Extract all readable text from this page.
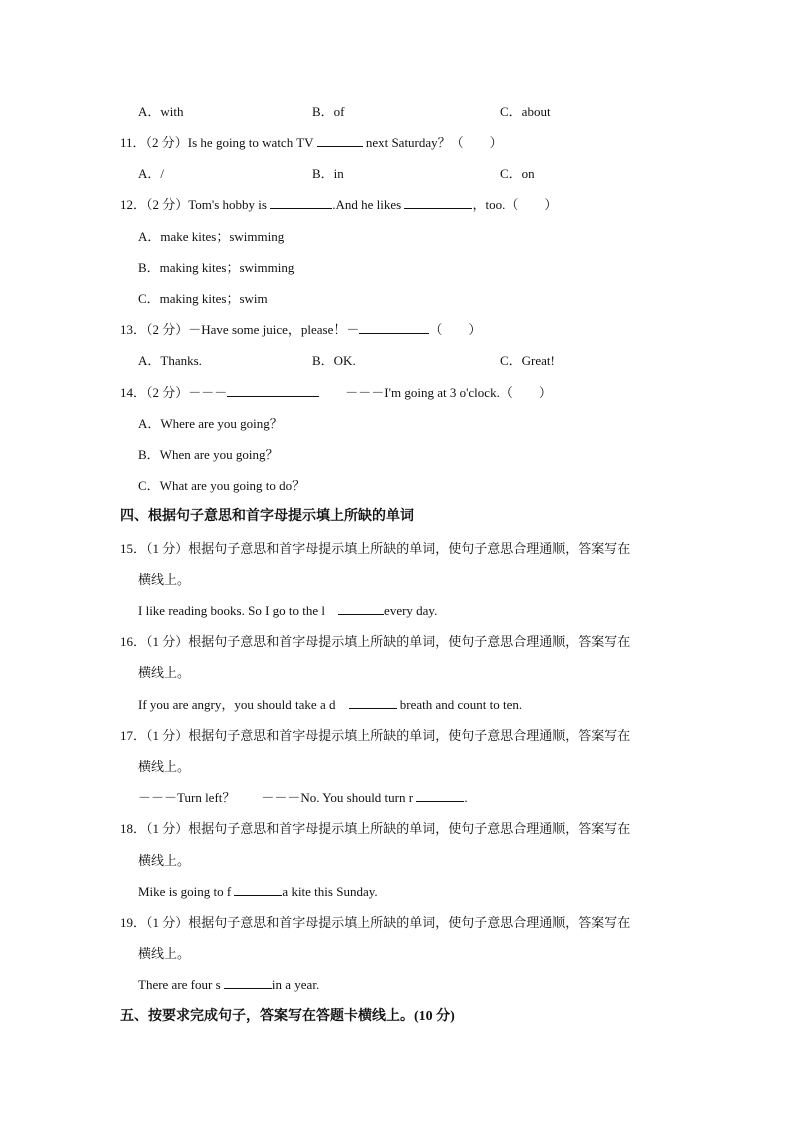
A．with	B．of	C．about
11．（2 分）Is he going to watch TV	next Saturday？（　　）
A．/	B．in	C．on
12．（2 分）Tom's hobby is	.And he likes	，too.（　　）
A．make kites；swimming
B．making kites；swimming
C．making kites；swim
13．（2 分）－Have some juice，please！－	（　　）
A．Thanks.	B．OK.	C．Great!
14．（2 分）－－－　　	－－－I'm going at 3 o'clock.（　　）
A．Where are you going？
B．When are you going？
C．What are you going to do？
四、根据句子意思和首字母提示填上所缺的单词
15．（1 分）根据句子意思和首字母提示填上所缺的单词，使句子意思合理通顺，答案写在
横线上。
I like reading books. So I go to the l　	every day.
16．（1 分）根据句子意思和首字母提示填上所缺的单词，使句子意思合理通顺，答案写在
横线上。
If you are angry，you should take a d　	breath and count to ten.
17．（1 分）根据句子意思和首字母提示填上所缺的单词，使句子意思合理通顺，答案写在
横线上。
－－－Turn left？　　－－－No. You should turn r	.
18．（1 分）根据句子意思和首字母提示填上所缺的单词，使句子意思合理通顺，答案写在
横线上。
Mike is going to f	a kite this Sunday.
19．（1 分）根据句子意思和首字母提示填上所缺的单词，使句子意思合理通顺，答案写在
横线上。
There are four s	in a year.
五、按要求完成句子，答案写在答题卡横线上。(10 分)
